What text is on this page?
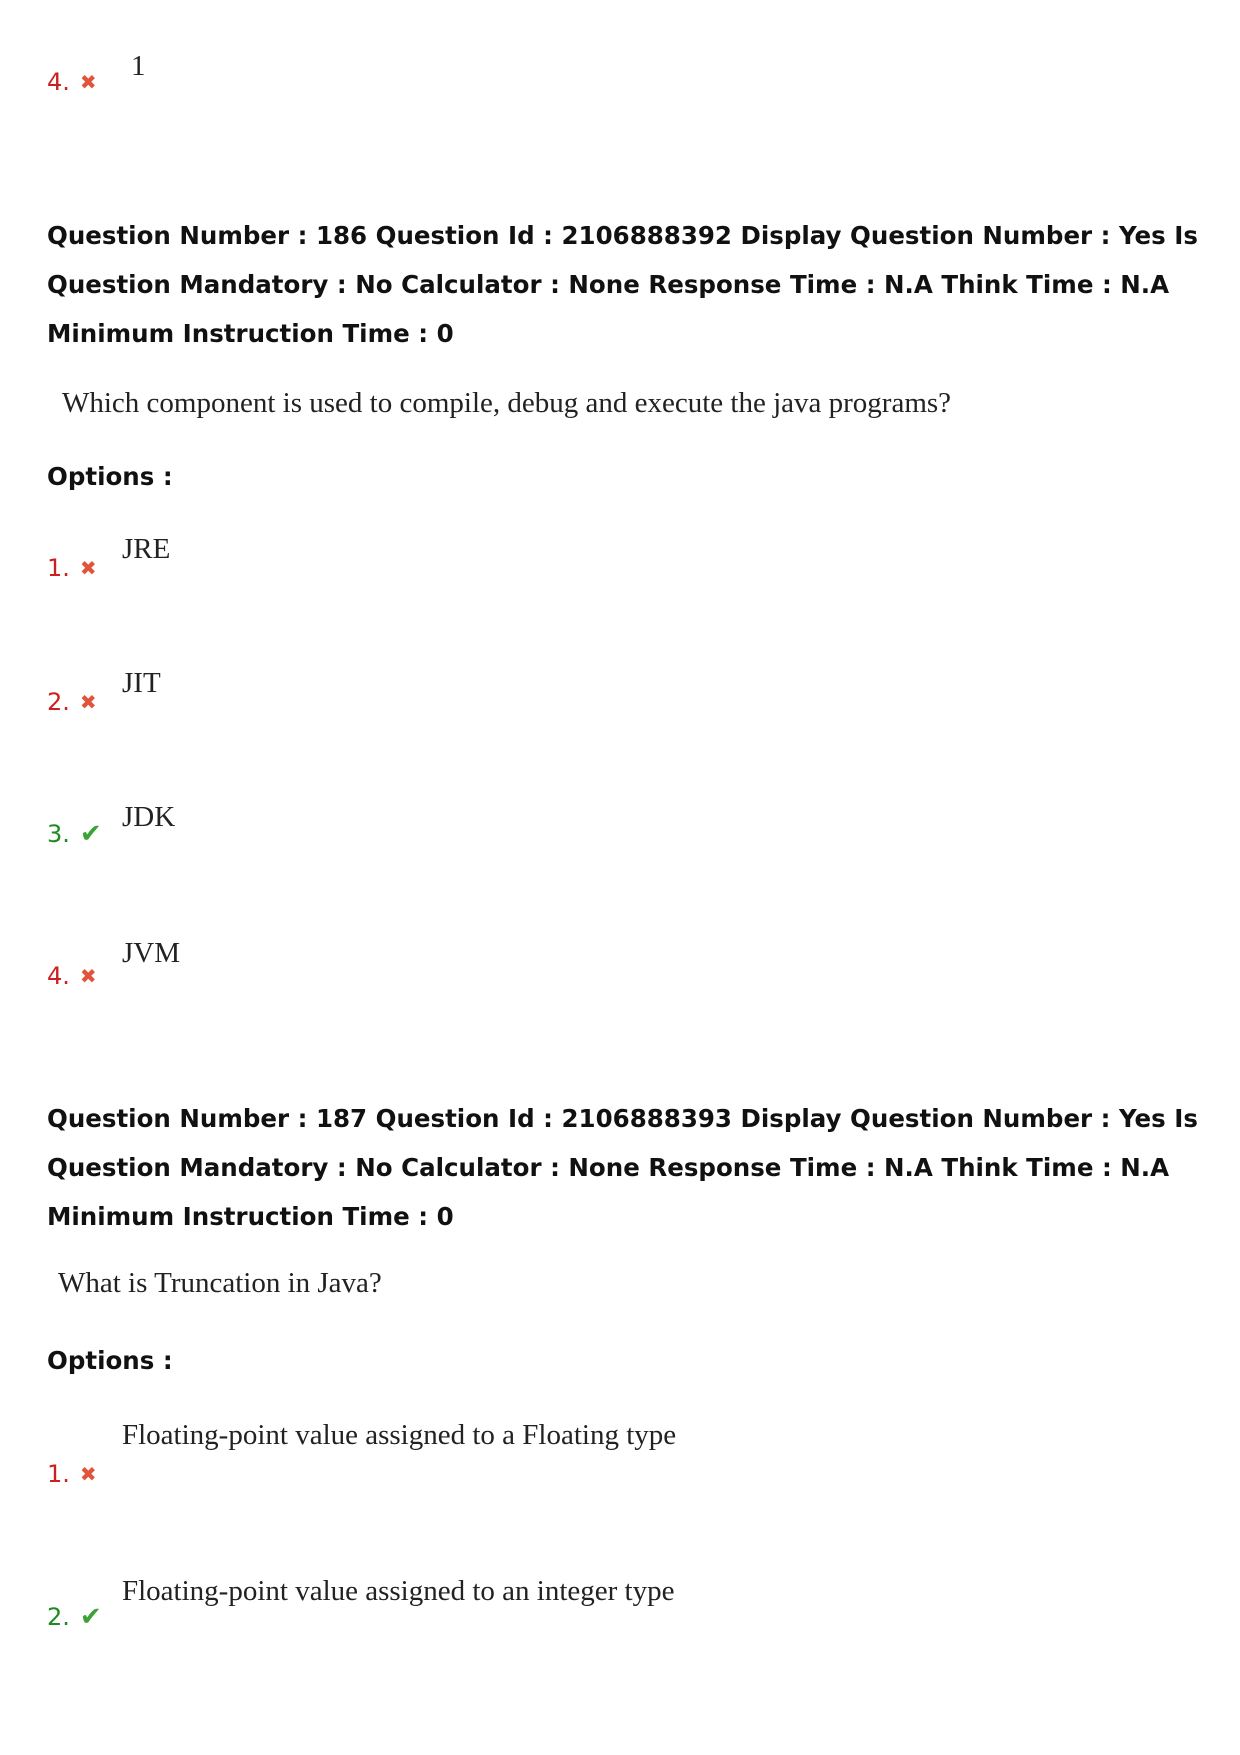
4. ✖ 1
Question Number : 186 Question Id : 2106888392 Display Question Number : Yes Is Question Mandatory : No Calculator : None Response Time : N.A Think Time : N.A Minimum Instruction Time : 0
Which component is used to compile, debug and execute the java programs?
Options :
1. ✖
JRE
2. ✖
JIT
3. ✔
JDK
4. ✖
JVM
Question Number : 187 Question Id : 2106888393 Display Question Number : Yes Is Question Mandatory : No Calculator : None Response Time : N.A Think Time : N.A Minimum Instruction Time : 0
What is Truncation in Java?
Options :
1. ✖
Floating-point value assigned to a Floating type
2. ✔
Floating-point value assigned to an integer type
